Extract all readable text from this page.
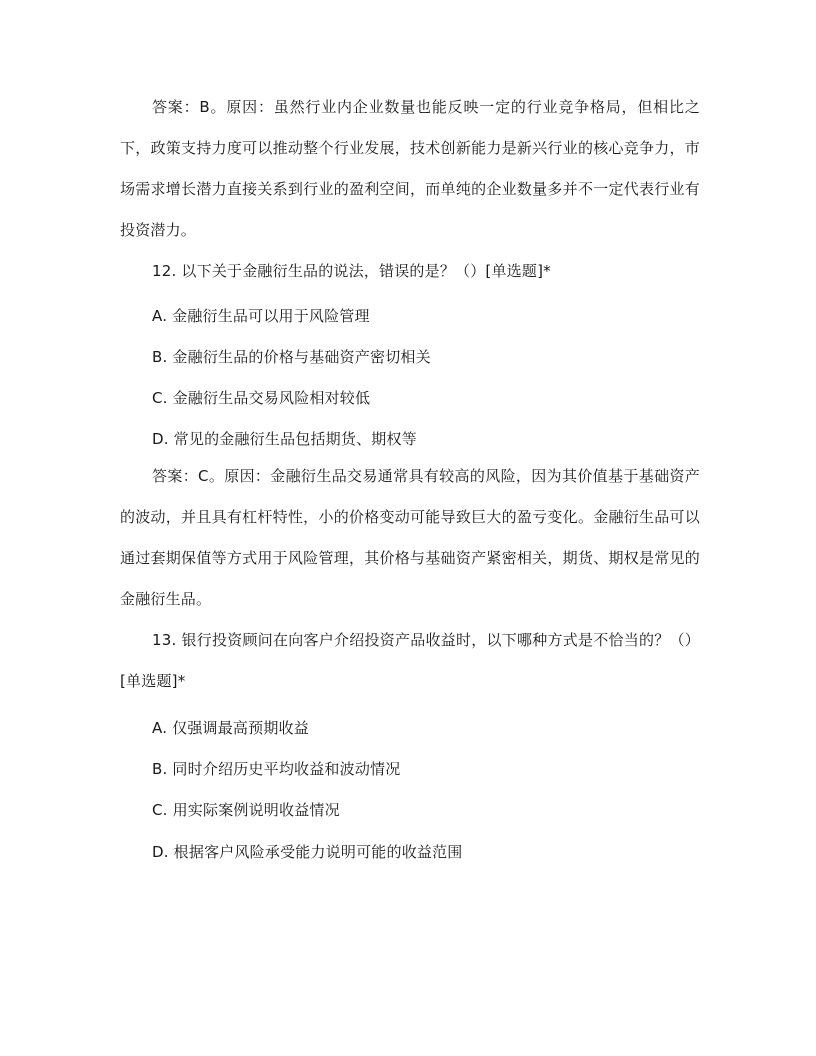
答案：B。原因：虽然行业内企业数量也能反映一定的行业竞争格局，但相比之下，政策支持力度可以推动整个行业发展，技术创新能力是新兴行业的核心竞争力，市场需求增长潜力直接关系到行业的盈利空间，而单纯的企业数量多并不一定代表行业有投资潜力。

12. 以下关于金融衍生品的说法，错误的是？（）[单选题]*

A. 金融衍生品可以用于风险管理
B. 金融衍生品的价格与基础资产密切相关
C. 金融衍生品交易风险相对较低
D. 常见的金融衍生品包括期货、期权等

答案：C。原因：金融衍生品交易通常具有较高的风险，因为其价值基于基础资产的波动，并且具有杠杆特性，小的价格变动可能导致巨大的盈亏变化。金融衍生品可以通过套期保值等方式用于风险管理，其价格与基础资产紧密相关，期货、期权是常见的金融衍生品。

13. 银行投资顾问在向客户介绍投资产品收益时，以下哪种方式是不恰当的？（）[单选题]*

A. 仅强调最高预期收益
B. 同时介绍历史平均收益和波动情况
C. 用实际案例说明收益情况
D. 根据客户风险承受能力说明可能的收益范围
